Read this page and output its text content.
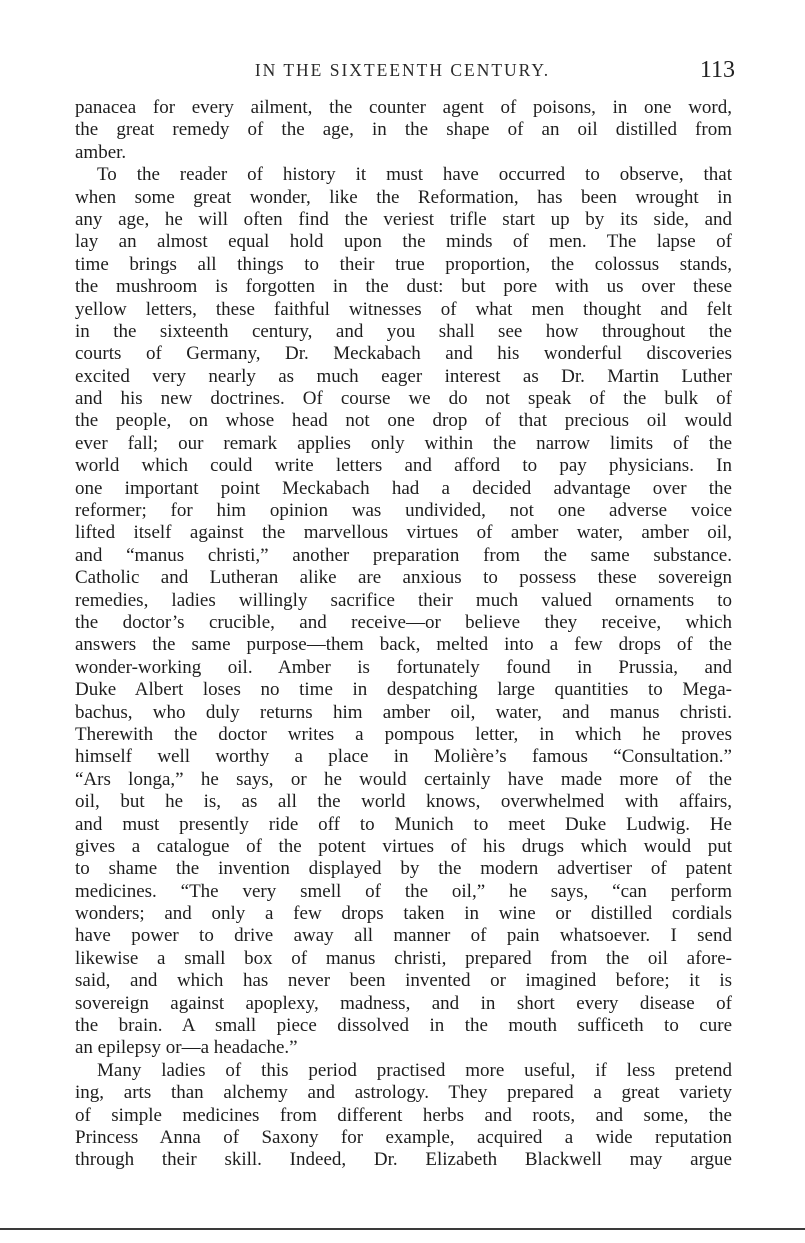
IN THE SIXTEENTH CENTURY.	113
panacea for every ailment, the counter agent of poisons, in one word,
the great remedy of the age, in the shape of an oil distilled from
amber.
To the reader of history it must have occurred to observe, that
when some great wonder, like the Reformation, has been wrought in
any age, he will often find the veriest trifle start up by its side, and
lay an almost equal hold upon the minds of men. The lapse of
time brings all things to their true proportion, the colossus stands,
the mushroom is forgotten in the dust: but pore with us over these
yellow letters, these faithful witnesses of what men thought and felt
in the sixteenth century, and you shall see how throughout the
courts of Germany, Dr. Meckabach and his wonderful discoveries
excited very nearly as much eager interest as Dr. Martin Luther
and his new doctrines. Of course we do not speak of the bulk of
the people, on whose head not one drop of that precious oil would
ever fall; our remark applies only within the narrow limits of the
world which could write letters and afford to pay physicians. In
one important point Meckabach had a decided advantage over the
reformer; for him opinion was undivided, not one adverse voice
lifted itself against the marvellous virtues of amber water, amber oil,
and “manus christi,” another preparation from the same substance.
Catholic and Lutheran alike are anxious to possess these sovereign
remedies, ladies willingly sacrifice their much valued ornaments to
the doctor’s crucible, and receive—or believe they receive, which
answers the same purpose—them back, melted into a few drops of the
wonder-working oil. Amber is fortunately found in Prussia, and
Duke Albert loses no time in despatching large quantities to Mega-
bachus, who duly returns him amber oil, water, and manus christi.
Therewith the doctor writes a pompous letter, in which he proves
himself well worthy a place in Molière’s famous “Consultation.”
“Ars longa,” he says, or he would certainly have made more of the
oil, but he is, as all the world knows, overwhelmed with affairs,
and must presently ride off to Munich to meet Duke Ludwig. He
gives a catalogue of the potent virtues of his drugs which would put
to shame the invention displayed by the modern advertiser of patent
medicines. “The very smell of the oil,” he says, “can perform
wonders; and only a few drops taken in wine or distilled cordials
have power to drive away all manner of pain whatsoever. I send
likewise a small box of manus christi, prepared from the oil afore-
said, and which has never been invented or imagined before; it is
sovereign against apoplexy, madness, and in short every disease of
the brain. A small piece dissolved in the mouth sufficeth to cure
an epilepsy or—a headache.”
Many ladies of this period practised more useful, if less pretend
ing, arts than alchemy and astrology. They prepared a great variety
of simple medicines from different herbs and roots, and some, the
Princess Anna of Saxony for example, acquired a wide reputation
through their skill. Indeed, Dr. Elizabeth Blackwell may argue
